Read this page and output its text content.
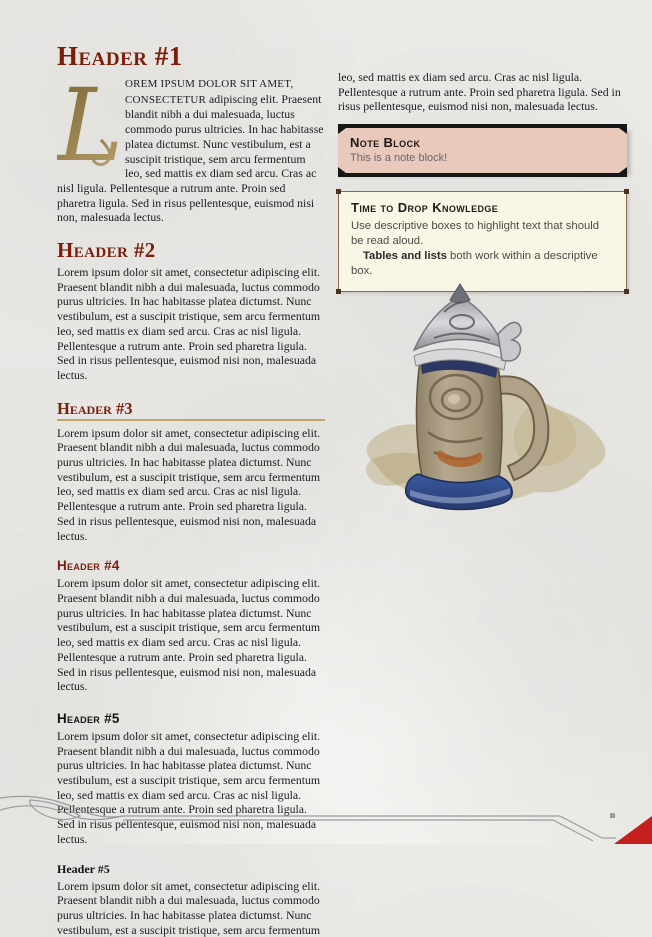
Header #1
L OREM IPSUM DOLOR SIT AMET, CONSECTETUR adipiscing elit. Praesent blandit nibh a dui malesuada, luctus commodo purus ultricies. In hac habitasse platea dictumst. Nunc vestibulum, est a suscipit tristique, sem arcu fermentum leo, sed mattis ex diam sed arcu. Cras ac nisl ligula. Pellentesque a rutrum ante. Proin sed pharetra ligula. Sed in risus pellentesque, euismod nisi non, malesuada lectus.

Header #2

Lorem ipsum dolor sit amet, consectetur adipiscing elit. Praesent blandit nibh a dui malesuada, luctus commodo purus ultricies. In hac habitasse platea dictumst. Nunc vestibulum, est a suscipit tristique, sem arcu fermentum leo, sed mattis ex diam sed arcu. Cras ac nisl ligula. Pellentesque a rutrum ante. Proin sed pharetra ligula. Sed in risus pellentesque, euismod nisi non, malesuada lectus.

Header #3

Lorem ipsum dolor sit amet, consectetur adipiscing elit. Praesent blandit nibh a dui malesuada, luctus commodo purus ultricies. In hac habitasse platea dictumst. Nunc vestibulum, est a suscipit tristique, sem arcu fermentum leo, sed mattis ex diam sed arcu. Cras ac nisl ligula. Pellentesque a rutrum ante. Proin sed pharetra ligula. Sed in risus pellentesque, euismod nisi non, malesuada lectus.

Header #4

Lorem ipsum dolor sit amet, consectetur adipiscing elit. Praesent blandit nibh a dui malesuada, luctus commodo purus ultricies. In hac habitasse platea dictumst. Nunc vestibulum, est a suscipit tristique, sem arcu fermentum leo, sed mattis ex diam sed arcu. Cras ac nisl ligula. Pellentesque a rutrum ante. Proin sed pharetra ligula. Sed in risus pellentesque, euismod nisi non, malesuada lectus.

Header #5

Lorem ipsum dolor sit amet, consectetur adipiscing elit. Praesent blandit nibh a dui malesuada, luctus commodo purus ultricies. In hac habitasse platea dictumst. Nunc vestibulum, est a suscipit tristique, sem arcu fermentum leo, sed mattis ex diam sed arcu. Cras ac nisl ligula. Pellentesque a rutrum ante. Proin sed pharetra ligula. Sed in risus pellentesque, euismod nisi non, malesuada lectus.

Header #5

Lorem ipsum dolor sit amet, consectetur adipiscing elit. Praesent blandit nibh a dui malesuada, luctus commodo purus ultricies. In hac habitasse platea dictumst. Nunc vestibulum, est a suscipit tristique, sem arcu fermentum

leo, sed mattis ex diam sed arcu. Cras ac nisl ligula. Pellentesque a rutrum ante. Proin sed pharetra ligula. Sed in risus pellentesque, euismod nisi non, malesuada lectus.

Note Block
This is a note block!
Time to Drop Knowledge
Use descriptive boxes to highlight text that should be read aloud.
Tables and lists both work within a descriptive box.
